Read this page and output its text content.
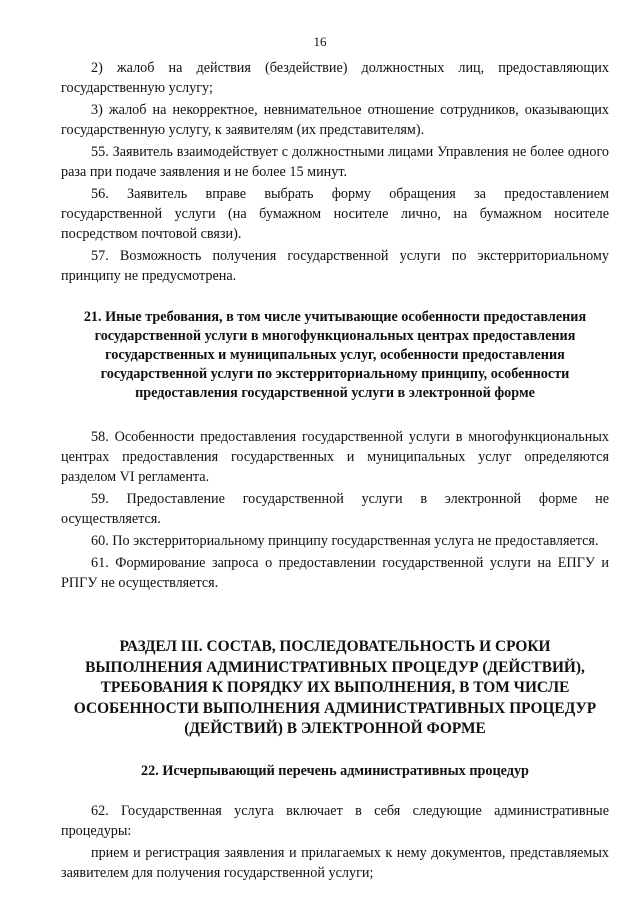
16

2) жалоб на действия (бездействие) должностных лиц, предоставляющих государственную услугу;

3) жалоб на некорректное, невнимательное отношение сотрудников, оказывающих государственную услугу, к заявителям (их представителям).

55. Заявитель взаимодействует с должностными лицами Управления не более одного раза при подаче заявления и не более 15 минут.

56. Заявитель вправе выбрать форму обращения за предоставлением государственной услуги (на бумажном носителе лично, на бумажном носителе посредством почтовой связи).

57. Возможность получения государственной услуги по экстерриториальному принципу не предусмотрена.

21. Иные требования, в том числе учитывающие особенности предоставления государственной услуги в многофункциональных центрах предоставления государственных и муниципальных услуг, особенности предоставления государственной услуги по экстерриториальному принципу, особенности предоставления государственной услуги в электронной форме

58. Особенности предоставления государственной услуги в многофункциональных центрах предоставления государственных и муниципальных услуг определяются разделом VI регламента.

59. Предоставление государственной услуги в электронной форме не осуществляется.

60. По экстерриториальному принципу государственная услуга не предоставляется.

61. Формирование запроса о предоставлении государственной услуги на ЕПГУ и РПГУ не осуществляется.

РАЗДЕЛ III. СОСТАВ, ПОСЛЕДОВАТЕЛЬНОСТЬ И СРОКИ ВЫПОЛНЕНИЯ АДМИНИСТРАТИВНЫХ ПРОЦЕДУР (ДЕЙСТВИЙ), ТРЕБОВАНИЯ К ПОРЯДКУ ИХ ВЫПОЛНЕНИЯ, В ТОМ ЧИСЛЕ ОСОБЕННОСТИ ВЫПОЛНЕНИЯ АДМИНИСТРАТИВНЫХ ПРОЦЕДУР (ДЕЙСТВИЙ) В ЭЛЕКТРОННОЙ ФОРМЕ

22. Исчерпывающий перечень административных процедур

62. Государственная услуга включает в себя следующие административные процедуры:

прием и регистрация заявления и прилагаемых к нему документов, представляемых заявителем для получения государственной услуги;
